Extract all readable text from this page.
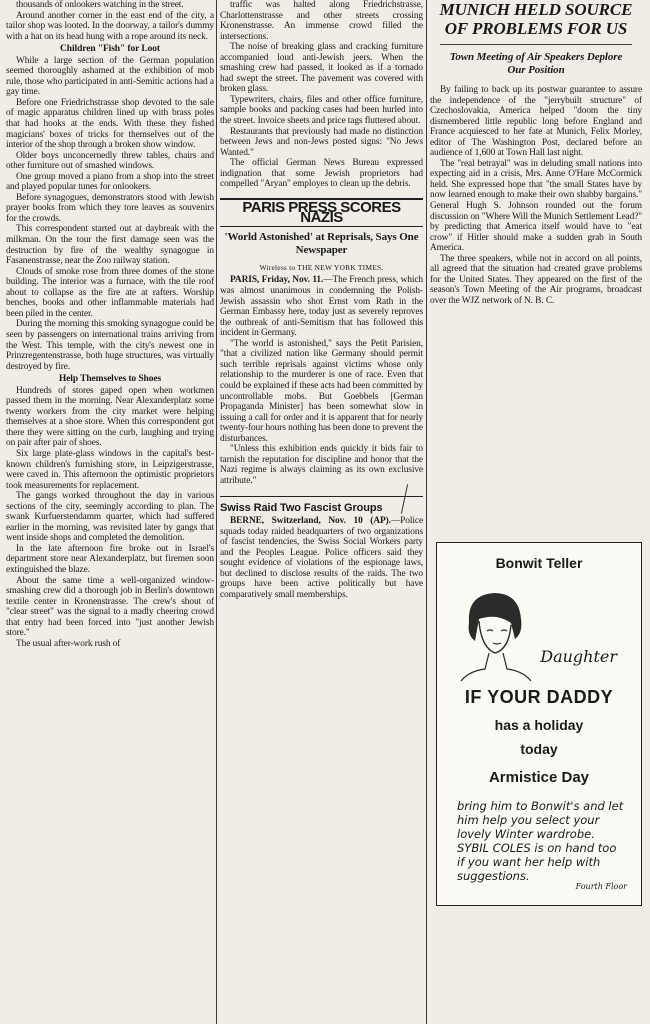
thousands of onlookers watching in the street.

Around another corner in the east end of the city, a tailor shop was looted. In the doorway, a tailor's dummy with a hat on its head hung with a rope around its neck.

Children "Fish" for Loot

While a large section of the German population seemed thoroughly ashamed at the exhibition of mob rule, those who participated in anti-Semitic actions had a gay time.

Before one Friedrichstrasse shop devoted to the sale of magic apparatus children lined up with brass poles that had hooks at the ends. With these they fished magicians' boxes of tricks for themselves out of the interior of the shop through a broken show window.

Older boys unconcernedly threw tables, chairs and other furniture out of smashed windows.

One group moved a piano from a shop into the street and played popular tunes for onlookers.

Before synagogues, demonstrators stood with Jewish prayer books from which they tore leaves as souvenirs for the crowds.

This correspondent started out at daybreak with the milkman. On the tour the first damage seen was the destruction by fire of the wealthy synagogue in Fasanenstrasse, near the Zoo railway station.

Clouds of smoke rose from three domes of the stone building. The interior was a furnace, with the tile roof about to collapse as the fire ate at rafters. Worship benches, books and other inflammable materials had been piled in the center.

During the morning this smoking synagogue could be seen by passengers on international trains arriving from the West. This temple, with the city's newest one in Prinzregentenstrasse, both huge structures, was virtually destroyed by fire.

Help Themselves to Shoes

Hundreds of stores gaped open when workmen passed them in the morning. Near Alexanderplatz some twenty workers from the city market were helping themselves at a shoe store. When this correspondent got there they were sitting on the curb, laughing and trying on pair after pair of shoes.

Six large plate-glass windows in the capital's best-known children's furnishing store, in Leipzigerstrasse, were caved in. This afternoon the optimistic proprietors took measurements for replacement.

The gangs worked throughout the day in various sections of the city, seemingly according to plan. The swank Kurfuerstendamm quarter, which had suffered earlier in the morning, was revisited later by gangs that went inside shops and completed the demolition.

In the late afternoon fire broke out in Israel's department store near Alexanderplatz, but firemen soon extinguished the blaze.

About the same time a well-organized window-smashing crew did a thorough job in Berlin's downtown textile center in Kronenstrasse. The crew's shout of "clear street" was the signal to a madly cheering crowd that entry had been forced into "just another Jewish store."

The usual after-work rush of

traffic was halted along Friedrichstrasse, Charlottenstrasse and other streets crossing Kronenstrasse. An immense crowd filled the intersections.

The noise of breaking glass and cracking furniture accompanied loud anti-Jewish jeers. When the smashing crew had passed, it looked as if a tornado had swept the street. The pavement was covered with broken glass.

Typewriters, chairs, files and other office furniture, sample books and packing cases had been hurled into the street. Invoice sheets and price tags fluttered about.

Restaurants that previously had made no distinction between Jews and non-Jews posted signs: "No Jews Wanted."

The official German News Bureau expressed indignation that some Jewish proprietors had compelled "Aryan" employes to clean up the debris.

PARIS PRESS SCORES NAZIS
'World Astonished' at Reprisals, Says One Newspaper
Wireless to THE NEW YORK TIMES.

PARIS, Friday, Nov. 11.—The French press, which was almost unanimous in condemning the Polish-Jewish assassin who shot Ernst vom Rath in the German Embassy here, today just as severely reproves the outbreak of anti-Semitism that has followed this incident in Germany.

"The world is astonished," says the Petit Parisien, "that a civilized nation like Germany should permit such terrible reprisals against victims whose only relationship to the murderer is one of race. Even that could be explained if these acts had been committed by uncontrollable mobs. But Goebbels [German Propaganda Minister] has been somewhat slow in issuing a call for order and it is apparent that for nearly twenty-four hours nothing has been done to prevent the disturbances.

"Unless this exhibition ends quickly it bids fair to tarnish the reputation for discipline and honor that the Nazi regime is always claiming as its own exclusive attribute."

Swiss Raid Two Fascist Groups

BERNE, Switzerland, Nov. 10 (AP).—Police squads today raided headquarters of two organizations of fascist tendencies, the Swiss Social Workers party and the Peoples League. Police officers said they sought evidence of violations of the espionage laws, but declined to disclose results of the raids. The two groups have been active politically but have comparatively small memberships.

MUNICH HELD SOURCE OF PROBLEMS FOR US
Town Meeting of Air Speakers Deplore Our Position

By failing to back up its postwar guarantee to assure the independence of the "jerrybuilt structure" of Czechoslovakia, America helped "doom the tiny dismembered little republic long before England and France acquiesced to her fate at Munich, Felix Morley, editor of The Washington Post, declared before an audience of 1,600 at Town Hall last night.

The "real betrayal" was in deluding small nations into expecting aid in a crisis, Mrs. Anne O'Hare McCormick held. She expressed hope that "the small States have by now learned enough to make their own shabby bargains." General Hugh S. Johnson rounded out the forum discussion on "Where Will the Munich Settlement Lead?" by predicting that America itself would have to "eat crow" if Hitler should make a sudden grab in South America.

The three speakers, while not in accord on all points, all agreed that the situation had created grave problems for the United States. They appeared on the first of the season's Town Meeting of the Air programs, broadcast over the WJZ network of N. B. C.

Bonwit Teller
Daughter
IF YOUR DADDY
has a holiday
today
Armistice Day
bring him to Bonwit's and let him help you select your lovely Winter wardrobe. SYBIL COLES is on hand too if you want her help with suggestions.
Fourth Floor
